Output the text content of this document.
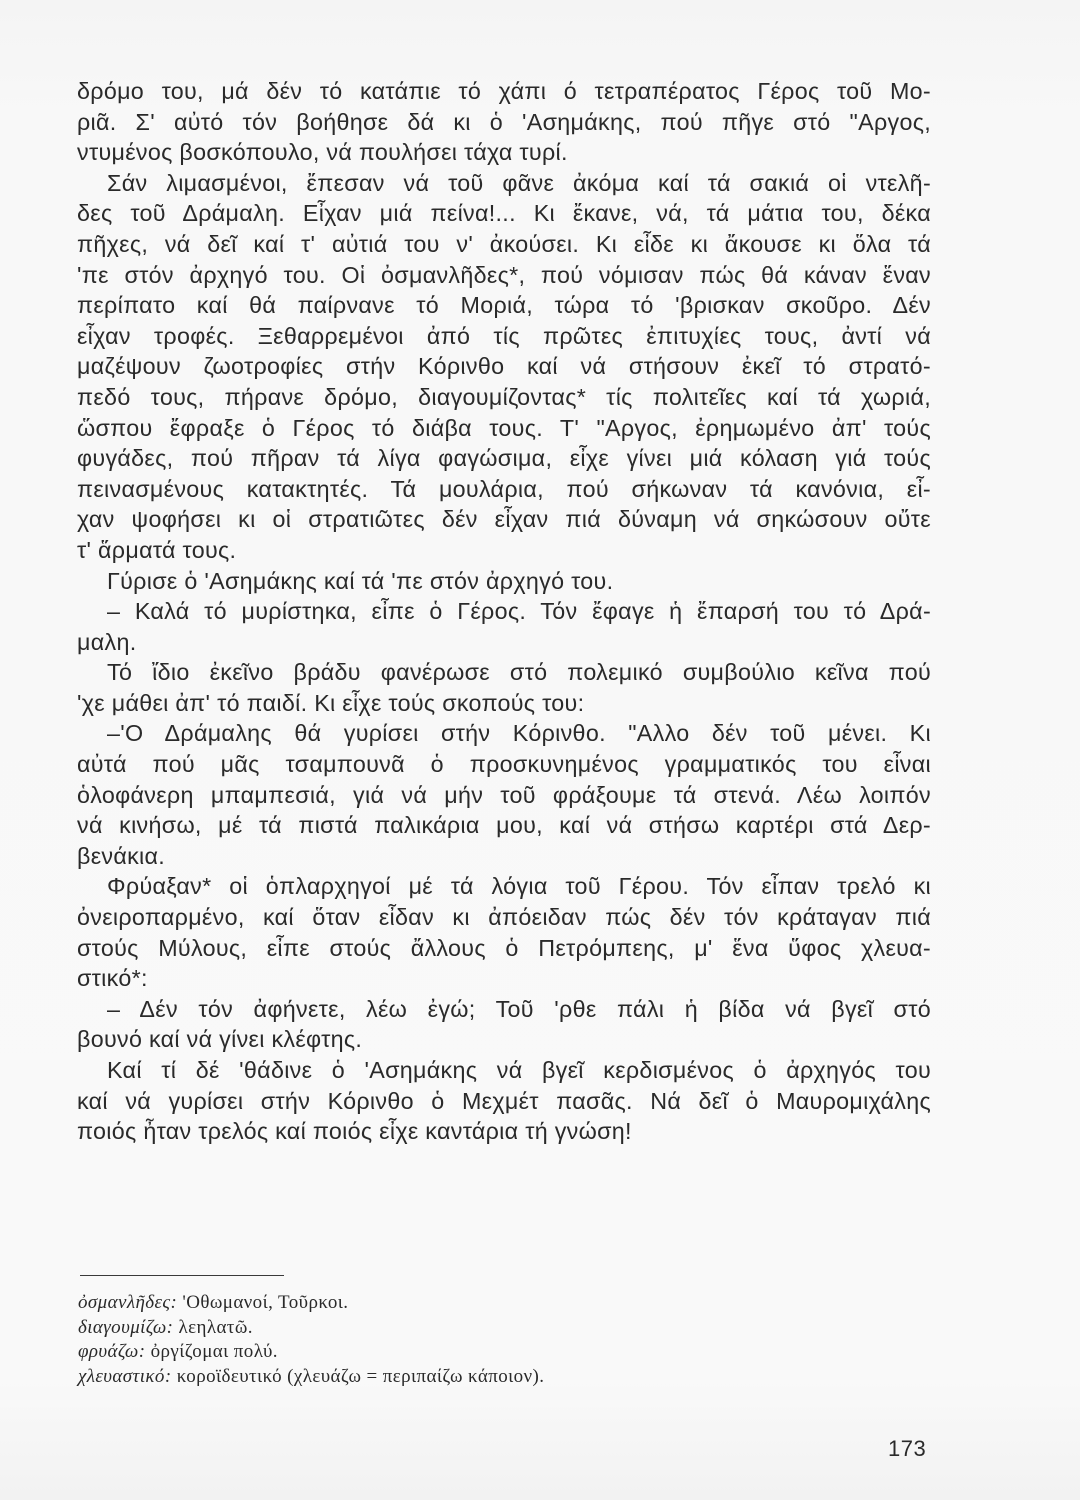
δρόμο του, μά δέν τό κατάπιε τό χάπι ό τετραπέρατος Γέρος τοῦ Μο-
ριᾶ. Σ' αὐτό τόν βοήθησε δά κι ὁ 'Ασημάκης, πού πῆγε στό "Αργος,
ντυμένος βοσκόπουλο, νά πουλήσει τάχα τυρί.
Σάν λιμασμένοι, ἔπεσαν νά τοῦ φᾶνε ἀκόμα καί τά σακιά οἱ ντελῆ-
δες τοῦ Δράμαλη. Εἶχαν μιά πείνα!... Κι ἔκανε, νά, τά μάτια του, δέκα
πῆχες, νά δεῖ καί τ' αὐτιά του ν' ἀκούσει. Κι εἶδε κι ἄκουσε κι ὅλα τά
'πε στόν ἀρχηγό του. Οἱ ὀσμανλῆδες*, πού νόμισαν πώς θά κάναν ἕναν
περίπατο καί θά παίρνανε τό Μοριά, τώρα τό 'βρισκαν σκοῦρο. Δέν
εἶχαν τροφές. Ξεθαρρεμένοι ἀπό τίς πρῶτες ἐπιτυχίες τους, ἀντί νά
μαζέψουν ζωοτροφίες στήν Κόρινθο καί νά στήσουν ἐκεῖ τό στρατό-
πεδό τους, πήρανε δρόμο, διαγουμίζοντας* τίς πολιτεῖες καί τά χωριά,
ὥσπου ἔφραξε ὁ Γέρος τό διάβα τους. Τ' "Αργος, ἐρημωμένο ἀπ' τούς
φυγάδες, πού πῆραν τά λίγα φαγώσιμα, εἶχε γίνει μιά κόλαση γιά τούς
πεινασμένους κατακτητές. Τά μουλάρια, πού σήκωναν τά κανόνια, εἶ-
χαν ψοφήσει κι οἱ στρατιῶτες δέν εἶχαν πιά δύναμη νά σηκώσουν οὔτε
τ' ἅρματά τους.
Γύρισε ὁ 'Ασημάκης καί τά 'πε στόν ἀρχηγό του.
– Καλά τό μυρίστηκα, εἶπε ὁ Γέρος. Τόν ἔφαγε ἡ ἔπαρσή του τό Δρά-
μαλη.
Τό ἴδιο ἐκεῖνο βράδυ φανέρωσε στό πολεμικό συμβούλιο κεῖνα πού
'χε μάθει ἀπ' τό παιδί. Κι εἶχε τούς σκοπούς του:
–'Ο Δράμαλης θά γυρίσει στήν Κόρινθο. "Αλλο δέν τοῦ μένει. Κι
αὐτά πού μᾶς τσαμπουνᾶ ὁ προσκυνημένος γραμματικός του εἶναι
ὁλοφάνερη μπαμπεσιά, γιά νά μήν τοῦ φράξουμε τά στενά. Λέω λοιπόν
νά κινήσω, μέ τά πιστά παλικάρια μου, καί νά στήσω καρτέρι στά Δερ-
βενάκια.
Φρύαξαν* οἱ ὁπλαρχηγοί μέ τά λόγια τοῦ Γέρου. Τόν εἶπαν τρελό κι
ὀνειροπαρμένο, καί ὅταν εἶδαν κι ἀπόειδαν πώς δέν τόν κράταγαν πιά
στούς Μύλους, εἶπε στούς ἄλλους ὁ Πετρόμπεης, μ' ἕνα ὕφος χλευα-
στικό*:
– Δέν τόν ἀφήνετε, λέω ἐγώ; Τοῦ 'ρθε πάλι ἡ βίδα νά βγεῖ στό
βουνό καί νά γίνει κλέφτης.
Καί τί δέ 'θάδινε ὁ 'Ασημάκης νά βγεῖ κερδισμένος ὁ ἀρχηγός του
καί νά γυρίσει στήν Κόρινθο ὁ Μεχμέτ πασᾶς. Νά δεῖ ὁ Μαυρομιχάλης
ποιός ἦταν τρελός καί ποιός εἶχε καντάρια τή γνώση!
ὀσμανλῆδες: 'Οθωμανοί, Τοῦρκοι.
διαγουμίζω: λεηλατῶ.
φρυάζω: ὀργίζομαι πολύ.
χλευαστικό: κοροϊδευτικό (χλευάζω = περιπαίζω κάποιον).
173
